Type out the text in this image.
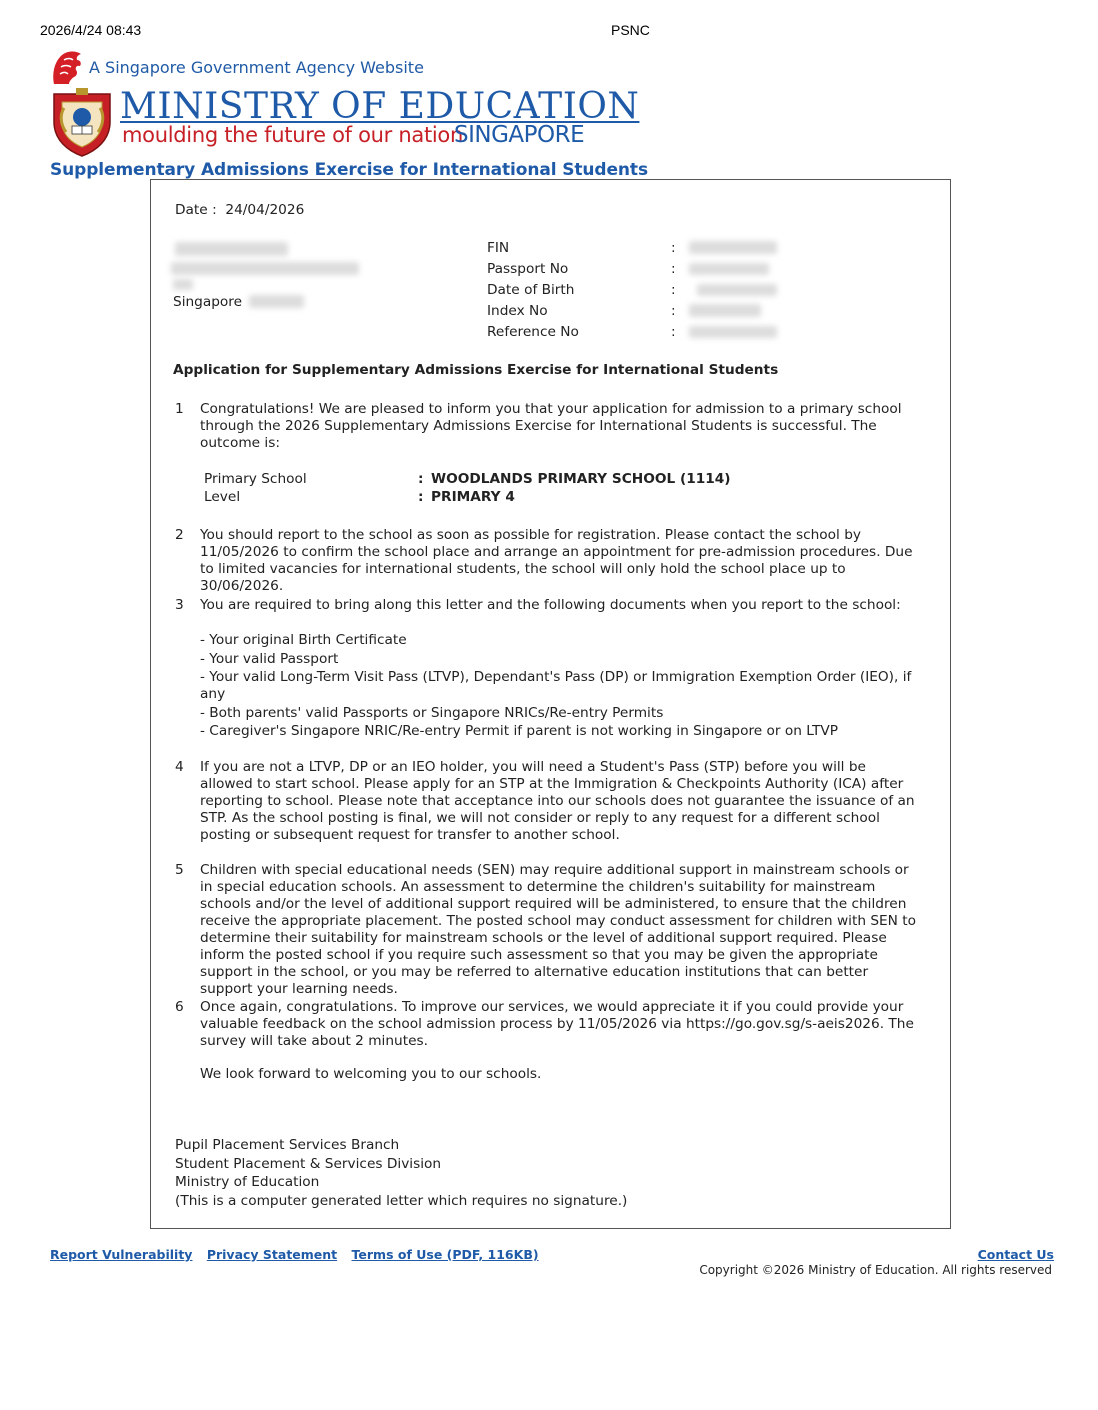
2026/4/24 08:43	PSNC
A Singapore Government Agency Website
MINISTRY OF EDUCATION
moulding the future of our nation
SINGAPORE
Supplementary Admissions Exercise for International Students
Date : 24/04/2026
Singapore
FIN	:
Passport No	:
Date of Birth	:
Index No	:
Reference No	:
Application for Supplementary Admissions Exercise for International Students
1 Congratulations! We are pleased to inform you that your application for admission to a primary school through the 2026 Supplementary Admissions Exercise for International Students is successful. The outcome is:
Primary School	: WOODLANDS PRIMARY SCHOOL (1114)
Level	: PRIMARY 4
2 You should report to the school as soon as possible for registration. Please contact the school by 11/05/2026 to confirm the school place and arrange an appointment for pre-admission procedures. Due to limited vacancies for international students, the school will only hold the school place up to 30/06/2026.
3 You are required to bring along this letter and the following documents when you report to the school:
- Your original Birth Certificate
- Your valid Passport
- Your valid Long-Term Visit Pass (LTVP), Dependant's Pass (DP) or Immigration Exemption Order (IEO), if any
- Both parents' valid Passports or Singapore NRICs/Re-entry Permits
- Caregiver's Singapore NRIC/Re-entry Permit if parent is not working in Singapore or on LTVP
4 If you are not a LTVP, DP or an IEO holder, you will need a Student's Pass (STP) before you will be allowed to start school. Please apply for an STP at the Immigration & Checkpoints Authority (ICA) after reporting to school. Please note that acceptance into our schools does not guarantee the issuance of an STP. As the school posting is final, we will not consider or reply to any request for a different school posting or subsequent request for transfer to another school.
5 Children with special educational needs (SEN) may require additional support in mainstream schools or in special education schools. An assessment to determine the children's suitability for mainstream schools and/or the level of additional support required will be administered, to ensure that the children receive the appropriate placement. The posted school may conduct assessment for children with SEN to determine their suitability for mainstream schools or the level of additional support required. Please inform the posted school if you require such assessment so that you may be given the appropriate support in the school, or you may be referred to alternative education institutions that can better support your learning needs.
6 Once again, congratulations. To improve our services, we would appreciate it if you could provide your valuable feedback on the school admission process by 11/05/2026 via https://go.gov.sg/s-aeis2026. The survey will take about 2 minutes.
We look forward to welcoming you to our schools.
Pupil Placement Services Branch
Student Placement & Services Division
Ministry of Education
(This is a computer generated letter which requires no signature.)
Report Vulnerability Privacy Statement Terms of Use (PDF, 116KB)	Contact Us
Copyright ©2026 Ministry of Education. All rights reserved
